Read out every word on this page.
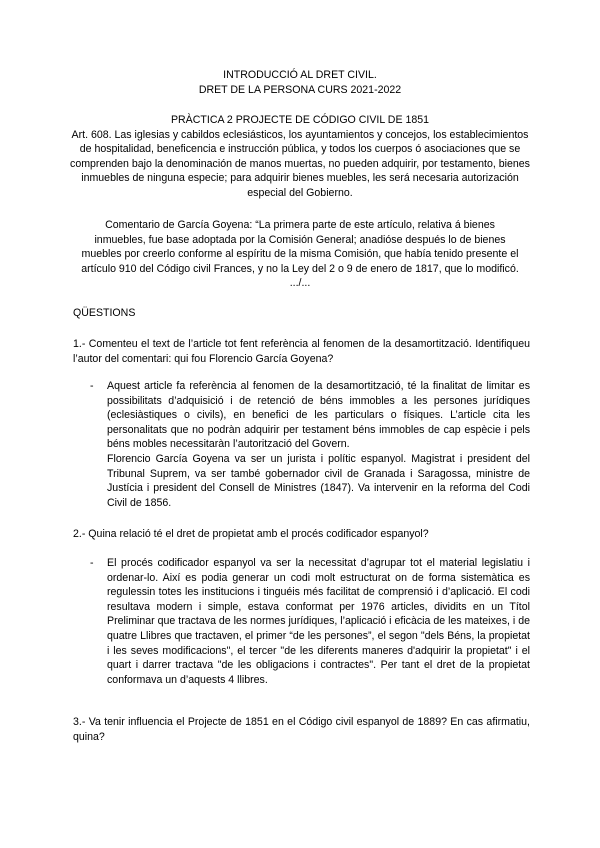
INTRODUCCIÓ AL DRET CIVIL.

DRET DE LA PERSONA CURS 2021-2022

PRÀCTICA 2 PROJECTE DE CÓDIGO CIVIL DE 1851

Art. 608. Las iglesias y cabildos eclesiásticos, los ayuntamientos y concejos, los establecimientos de hospitalidad, beneficencia e instrucción pública, y todos los cuerpos ó asociaciones que se comprenden bajo la denominación de manos muertas, no pueden adquirir, por testamento, bienes inmuebles de ninguna especie; para adquirir bienes muebles, les será necesaria autorización especial del Gobierno.

Comentario de García Goyena: “La primera parte de este artículo, relativa á bienes inmuebles, fue base adoptada por la Comisión General; anadióse después lo de bienes muebles por creerlo conforme al espíritu de la misma Comisión, que había tenido presente el artículo 910 del Código civil Frances, y no la Ley del 2 o 9 de enero de 1817, que lo modificó. .../...

QÜESTIONS
1.- Comenteu el text de l’article tot fent referència al fenomen de la desamortització. Identifiqueu l’autor del comentari: qui fou Florencio García Goyena?
- Aquest article fa referència al fenomen de la desamortització, té la finalitat de limitar es possibilitats d’adquisició i de retenció de béns immobles a les persones jurídiques (eclesiàstiques o civils), en benefici de les particulars o físiques. L’article cita les personalitats que no podràn adquirir per testament béns immobles de cap espècie i pels béns mobles necessitaràn l’autorització del Govern.

Florencio García Goyena va ser un jurista i polític espanyol. Magistrat i president del Tribunal Suprem, va ser també gobernador civil de Granada i Saragossa, ministre de Justícia i president del Consell de Ministres (1847). Va intervenir en la reforma del Codi Civil de 1856.

2.- Quina relació té el dret de propietat amb el procés codificador espanyol?
- El procés codificador espanyol va ser la necessitat d’agrupar tot el material legislatiu i ordenar-lo. Així es podia generar un codi molt estructurat on de forma sistemàtica es regulessin totes les institucions i tinguéis més facilitat de comprensió i d’aplicació. El codi resultava modern i simple, estava conformat per 1976 articles, dividits en un Títol Preliminar que tractava de les normes jurídiques, l’aplicació i eficàcia de les mateixes, i de quatre Llibres que tractaven, el primer “de les persones”, el segon "dels Béns, la propietat i les seves modificacions", el tercer "de les diferents maneres d'adquirir la propietat" i el quart i darrer tractava "de les obligacions i contractes". Per tant el dret de la propietat conformava un d’aquests 4 llibres.

3.- Va tenir influencia el Projecte de 1851 en el Código civil espanyol de 1889? En cas afirmatiu, quina?
